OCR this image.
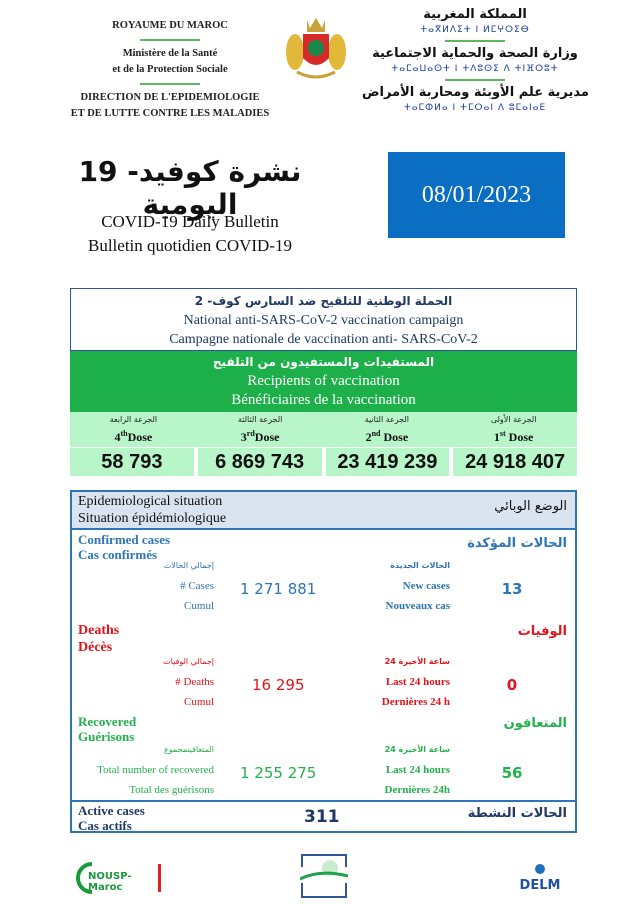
ROYAUME DU MAROC
Ministère de la Santé
et de la Protection Sociale
DIRECTION DE L'EPIDEMIOLOGIE
ET DE LUTTE CONTRE LES MALADIES
المملكة المغربية
ⵜⴰⴳⵍⴷⵉⵜ ⵏ ⵍⵎⵖⵔⵉⴱ
وزارة الصحة والحماية الاجتماعية
ⵜⴰⵎⴰⵡⴰⵙⵜ ⵏ ⵜⴷⵓⵙⵉ ⴷ ⵜⵏⴼⵔⵓⵜ
مديرية علم الأوبئة ومحاربة الأمراض
ⵜⴰⵎⵀⵍⴰ ⵏ ⵜⵎⵔⴰⵏ ⴷ ⵓⵎⴰⵏⴰⴹ
نشرة كوفيد- 19 اليومية
COVID-19 Daily Bulletin
Bulletin quotidien COVID-19
08/01/2023
الحملة الوطنية للتلقيح ضد السارس كوف- 2
National anti-SARS-CoV-2 vaccination campaign
Campagne nationale de vaccination anti- SARS-CoV-2
المستفيدات والمستفيدون من التلقيح
Recipients of vaccination
Bénéficiaires de la vaccination
الجرعة الرابعة
4thDose
الجرعة الثالثة
3rdDose
الجرعة الثانية
2nd Dose
الجرعة الأولى
1st Dose
58 793	6 869 743	23 419 239	24 918 407
Epidemiological situation
Situation épidémiologique
الوضع الوبائي
Confirmed cases
Cas confirmés
الحالات المؤكدة
إجمالي الحالات
# Cases
Cumul
1 271 881
الحالات الجديدة
New cases
Nouveaux cas
13
Deaths
Décès
الوفيات
إجمالي الوفيات
# Deaths
Cumul
16 295
24 ساعة الأخيرة
Last 24 hours
Dernières 24 h
0
Recovered
Guérisons
المتعافون
المتعافينمجموع
Total number of recovered
Total des guérisons
1 255 275
24 ساعة الأخيرة
Last 24 hours
Dernières 24h
56
Active cases
Cas actifs	311	الحالات النشطة
NOUSP-Maroc	DELM
